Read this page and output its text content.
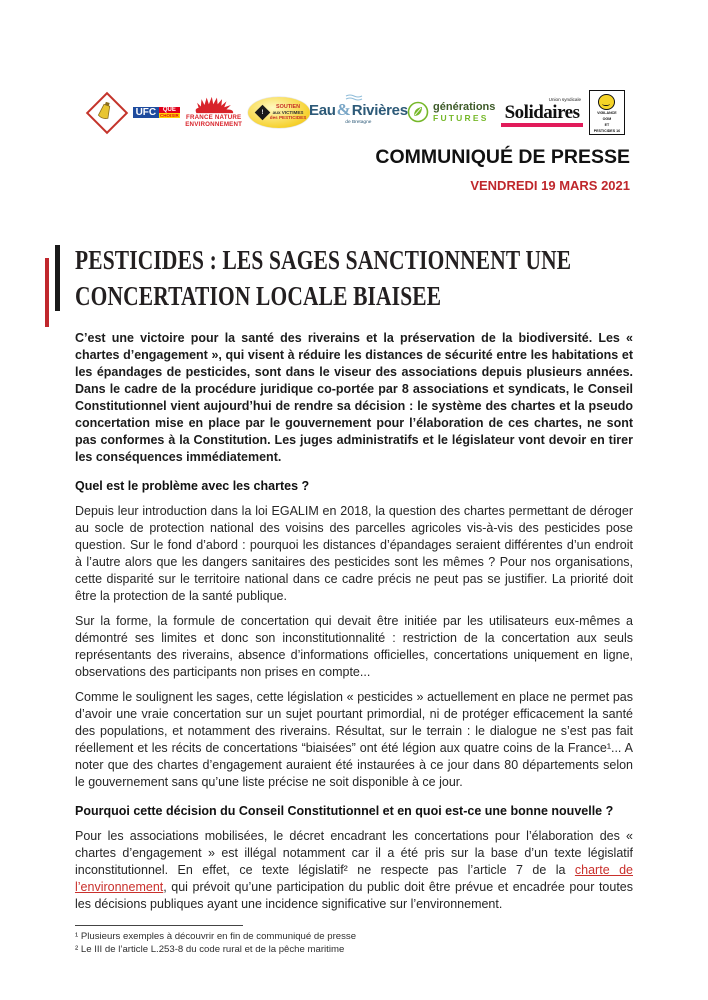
UFC	QUE
CHOISIR FRANCE NATURE
ENVIRONNEMENT
!
SOUTIEN
aux VICTIMES
des PESTICIDES Eau & Rivières
de Bretagne
générations
FUTURES
Union syndicale
Solidaires	VIGILANCE
OGM
ET
PESTICIDES 16
COMMUNIQUÉ DE PRESSE
VENDREDI 19 MARS 2021
PESTICIDES : LES SAGES SANCTIONNENT UNE
CONCERTATION LOCALE BIAISEE

C’est une victoire pour la santé des riverains et la préservation de la biodiversité. Les « chartes d’engagement », qui visent à réduire les distances de sécurité entre les habitations et les épandages de pesticides, sont dans le viseur des associations depuis plusieurs années. Dans le cadre de la procédure juridique co-portée par 8 associations et syndicats, le Conseil Constitutionnel vient aujourd’hui de rendre sa décision : le système des chartes et la pseudo concertation mise en place par le gouvernement pour l’élaboration de ces chartes, ne sont pas conformes à la Constitution. Les juges administratifs et le législateur vont devoir en tirer les conséquences immédiatement.

Quel est le problème avec les chartes ?

Depuis leur introduction dans la loi EGALIM en 2018, la question des chartes permettant de déroger au socle de protection national des voisins des parcelles agricoles vis-à-vis des pesticides pose question. Sur le fond d’abord : pourquoi les distances d’épandages seraient différentes d’un endroit à l’autre alors que les dangers sanitaires des pesticides sont les mêmes ? Pour nos organisations, cette disparité sur le territoire national dans ce cadre précis ne peut pas se justifier. La priorité doit être la protection de la santé publique.

Sur la forme, la formule de concertation qui devait être initiée par les utilisateurs eux-mêmes a démontré ses limites et donc son inconstitutionnalité : restriction de la concertation aux seuls représentants des riverains, absence d’informations officielles, concertations uniquement en ligne, observations des participants non prises en compte...

Comme le soulignent les sages, cette législation « pesticides » actuellement en place ne permet pas d’avoir une vraie concertation sur un sujet pourtant primordial, ni de protéger efficacement la santé des populations, et notamment des riverains. Résultat, sur le terrain : le dialogue ne s’est pas fait réellement et les récits de concertations “biaisées” ont été légion aux quatre coins de la France¹... A noter que des chartes d’engagement auraient été instaurées à ce jour dans 80 départements selon le gouvernement sans qu’une liste précise ne soit disponible à ce jour.

Pourquoi cette décision du Conseil Constitutionnel et en quoi est-ce une bonne nouvelle ?

Pour les associations mobilisées, le décret encadrant les concertations pour l’élaboration des « chartes d’engagement » est illégal notamment car il a été pris sur la base d’un texte législatif inconstitutionnel. En effet, ce texte législatif² ne respecte pas l’article 7 de la charte de l’environnement, qui prévoit qu’une participation du public doit être prévue et encadrée pour toutes les décisions publiques ayant une incidence significative sur l’environnement.

¹ Plusieurs exemples à découvrir en fin de communiqué de presse

² Le III de l’article L.253-8 du code rural et de la pêche maritime
